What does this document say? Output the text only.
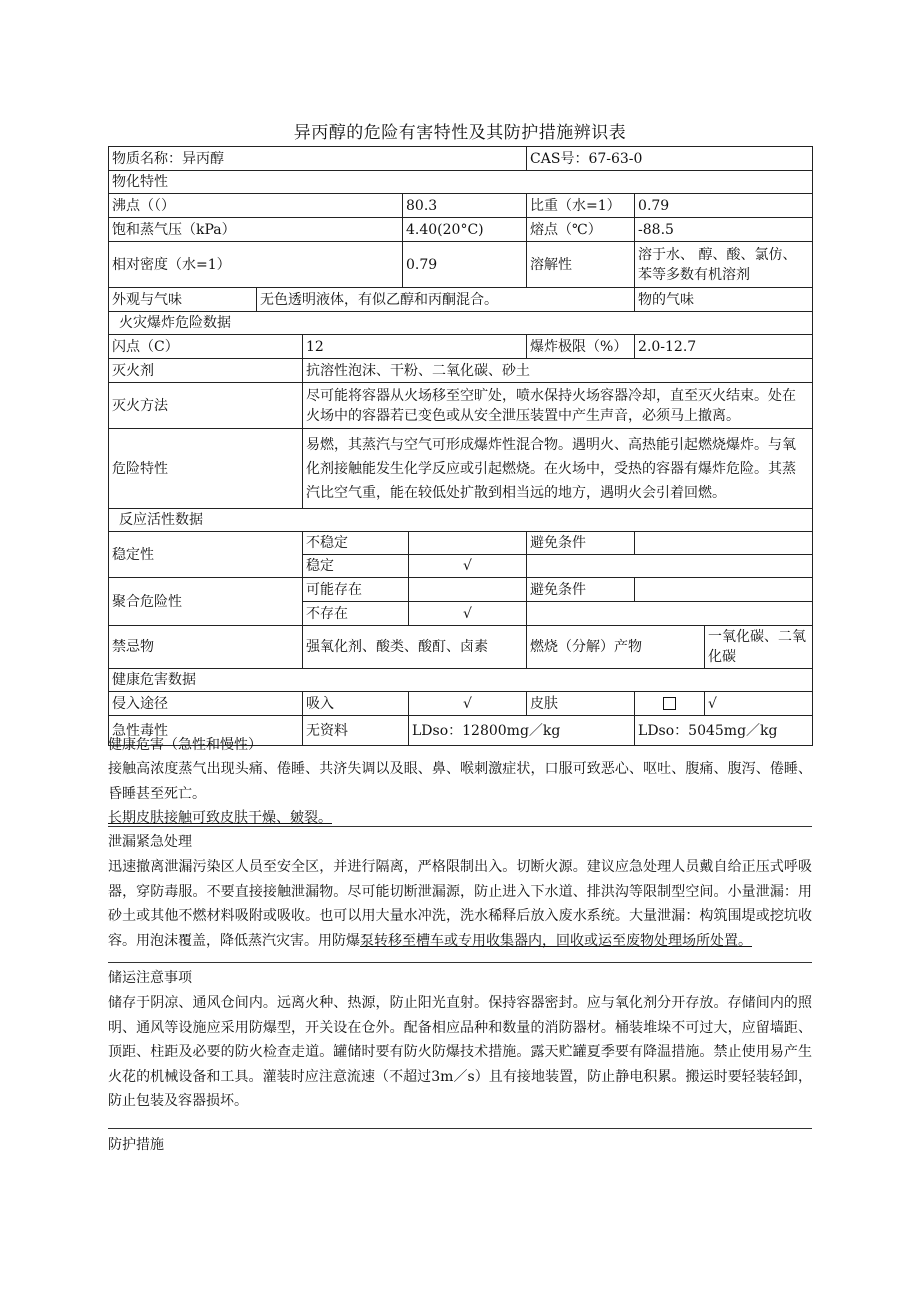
异丙醇的危险有害特性及其防护措施辨识表
物质名称：异丙醇					CAS号：67-63-0		
物化特性							
沸点（（）			80.3		比重（水=1）	0.79	
饱和蒸气压（kPa）			4.40(20°C)		熔点（℃）	-88.5	
相对密度（水=1）			0.79		溶解性	溶于水、 醇、酸、氯仿、苯等多数有机溶剂	
外观与气味	无色透明液体，有似乙醇和丙酮混合。					物的气味	
火灾爆炸危险数据							
闪点（C）		12			爆炸极限（%）	2.0-12.7	
灭火剂		抗溶性泡沫、干粉、二氧化碳、砂土					
灭火方法		尽可能将容器从火场移至空旷处，喷水保持火场容器冷却，直至灭火结束。处在火场中的容器若已变色或从安全泄压装置中产生声音，必须马上撤离。					
危险特性		易燃，其蒸汽与空气可形成爆炸性混合物。遇明火、高热能引起燃烧爆炸。与氧化剂接触能发生化学反应或引起燃烧。在火场中，受热的容器有爆炸危险。其蒸汽比空气重，能在较低处扩散到相当远的地方，遇明火会引着回燃。					
反应活性数据							
稳定性		不稳定			避免条件		
		稳定		√			
聚合危险性		可能存在			避免条件		
		不存在		√			
禁忌物		强氧化剂、酸类、酸酊、卤素			燃烧（分解）产物		一氧化碳、二氧化碳
健康危害数据							
侵入途径		吸入		√	皮肤		√
急性毒性		无资料		LDso：12800mg／kg		LDso：5045mg／kg	
健康危害（急性和慢性）
接触高浓度蒸气出现头痛、倦睡、共济失调以及眼、鼻、喉刺激症状，口服可致恶心、呕吐、腹痛、腹泻、倦睡、昏睡甚至死亡。
长期皮肤接触可致皮肤干燥、皴裂。
泄漏紧急处理
迅速撤离泄漏污染区人员至安全区，并进行隔离，严格限制出入。切断火源。建议应急处理人员戴自给正压式呼吸器，穿防毒服。不要直接接触泄漏物。尽可能切断泄漏源，防止进入下水道、排洪沟等限制型空间。小量泄漏：用砂土或其他不燃材料吸附或吸收。也可以用大量水冲洗，洗水稀释后放入废水系统。大量泄漏：构筑围堤或挖坑收容。用泡沫覆盖，降低蒸汽灾害。用防爆泵转移至槽车或专用收集器内，回收或运至废物处理场所处置。
储运注意事项
储存于阴凉、通风仓间内。远离火种、热源，防止阳光直射。保持容器密封。应与氧化剂分开存放。存储间内的照明、通风等设施应采用防爆型，开关设在仓外。配备相应品种和数量的消防器材。桶装堆垛不可过大，应留墙距、顶距、柱距及必要的防火检查走道。罐储时要有防火防爆技术措施。露天贮罐夏季要有降温措施。禁止使用易产生火花的机械设备和工具。灌装时应注意流速（不超过3m／s）且有接地装置，防止静电积累。搬运时要轻装轻卸，防止包装及容器损坏。
防护措施
